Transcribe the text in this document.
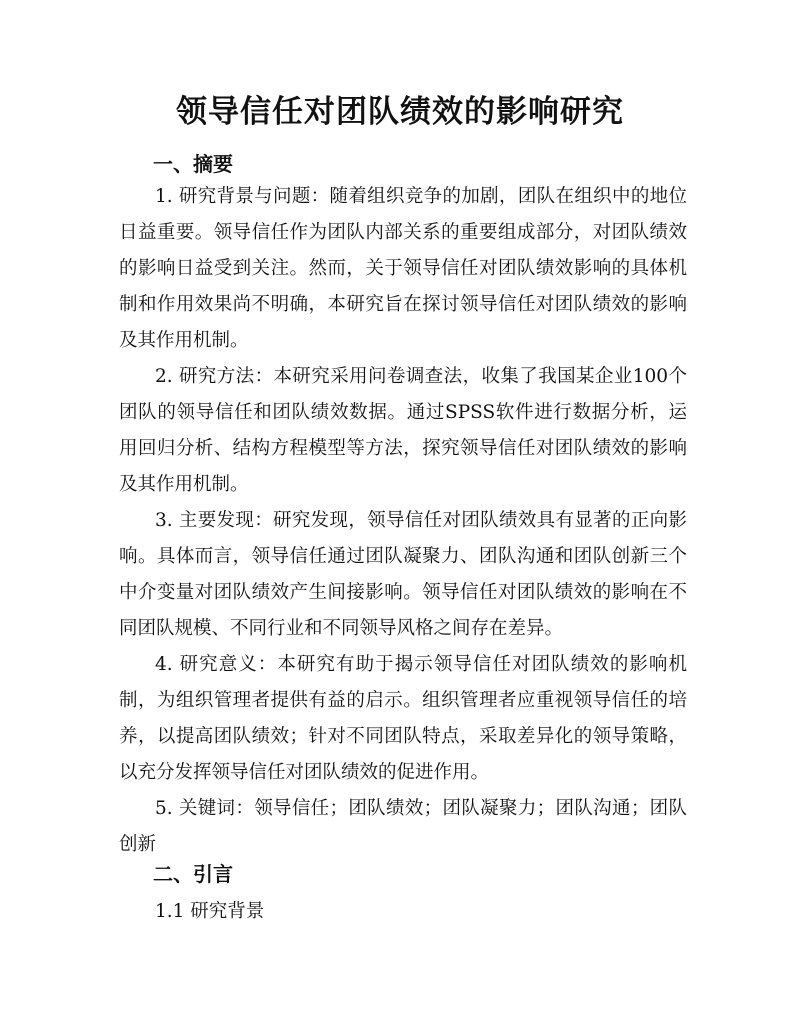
领导信任对团队绩效的影响研究
一、摘要

1. 研究背景与问题：随着组织竞争的加剧，团队在组织中的地位日益重要。领导信任作为团队内部关系的重要组成部分，对团队绩效的影响日益受到关注。然而，关于领导信任对团队绩效影响的具体机制和作用效果尚不明确，本研究旨在探讨领导信任对团队绩效的影响及其作用机制。

2. 研究方法：本研究采用问卷调查法，收集了我国某企业100个团队的领导信任和团队绩效数据。通过SPSS软件进行数据分析，运用回归分析、结构方程模型等方法，探究领导信任对团队绩效的影响及其作用机制。

3. 主要发现：研究发现，领导信任对团队绩效具有显著的正向影响。具体而言，领导信任通过团队凝聚力、团队沟通和团队创新三个中介变量对团队绩效产生间接影响。领导信任对团队绩效的影响在不同团队规模、不同行业和不同领导风格之间存在差异。

4. 研究意义：本研究有助于揭示领导信任对团队绩效的影响机制，为组织管理者提供有益的启示。组织管理者应重视领导信任的培养，以提高团队绩效；针对不同团队特点，采取差异化的领导策略，以充分发挥领导信任对团队绩效的促进作用。

5. 关键词：领导信任；团队绩效；团队凝聚力；团队沟通；团队创新

二、引言
1.1 研究背景
